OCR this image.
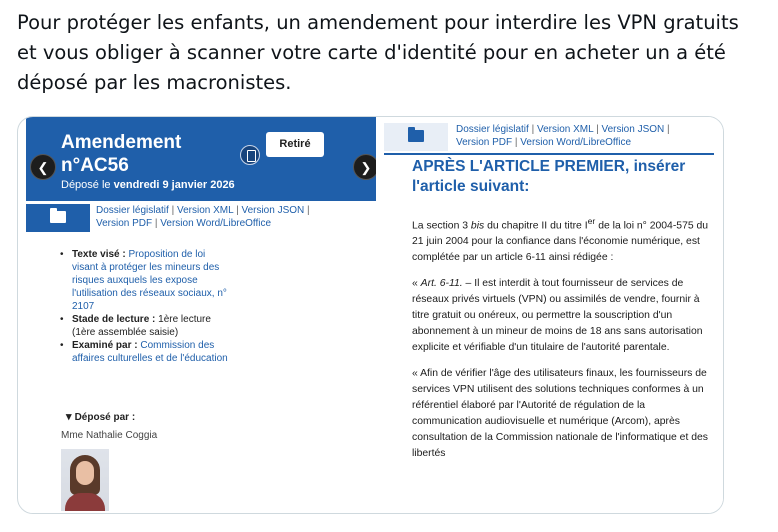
Pour protéger les enfants, un amendement pour interdire les VPN gratuits et vous obliger à scanner votre carte d'identité pour en acheter un a été déposé par les macronistes.
Amendement
n°AC56
Déposé le vendredi 9 janvier 2026
Retiré
❮	❯
Dossier législatif | Version XML | Version JSON |
Version PDF | Version Word/LibreOffice
• Texte visé : Proposition de loi visant à protéger les mineurs des risques auxquels les expose l'utilisation des réseaux sociaux, n° 2107
• Stade de lecture : 1ère lecture (1ère assemblée saisie)
• Examiné par : Commission des affaires culturelles et de l'éducation
▾ Déposé par :
Mme Nathalie Coggia
Dossier législatif | Version XML | Version JSON |
Version PDF | Version Word/LibreOffice
APRÈS L'ARTICLE PREMIER, insérer l'article suivant:

La section 3 bis du chapitre II du titre Ier de la loi n° 2004-575 du 21 juin 2004 pour la confiance dans l'économie numérique, est complétée par un article 6-11 ainsi rédigée :

« Art. 6-11. – Il est interdit à tout fournisseur de services de réseaux privés virtuels (VPN) ou assimilés de vendre, fournir à titre gratuit ou onéreux, ou permettre la souscription d'un abonnement à un mineur de moins de 18 ans sans autorisation explicite et vérifiable d'un titulaire de l'autorité parentale.

« Afin de vérifier l'âge des utilisateurs finaux, les fournisseurs de services VPN utilisent des solutions techniques conformes à un référentiel élaboré par l'Autorité de régulation de la communication audiovisuelle et numérique (Arcom), après consultation de la Commission nationale de l'informatique et des libertés
